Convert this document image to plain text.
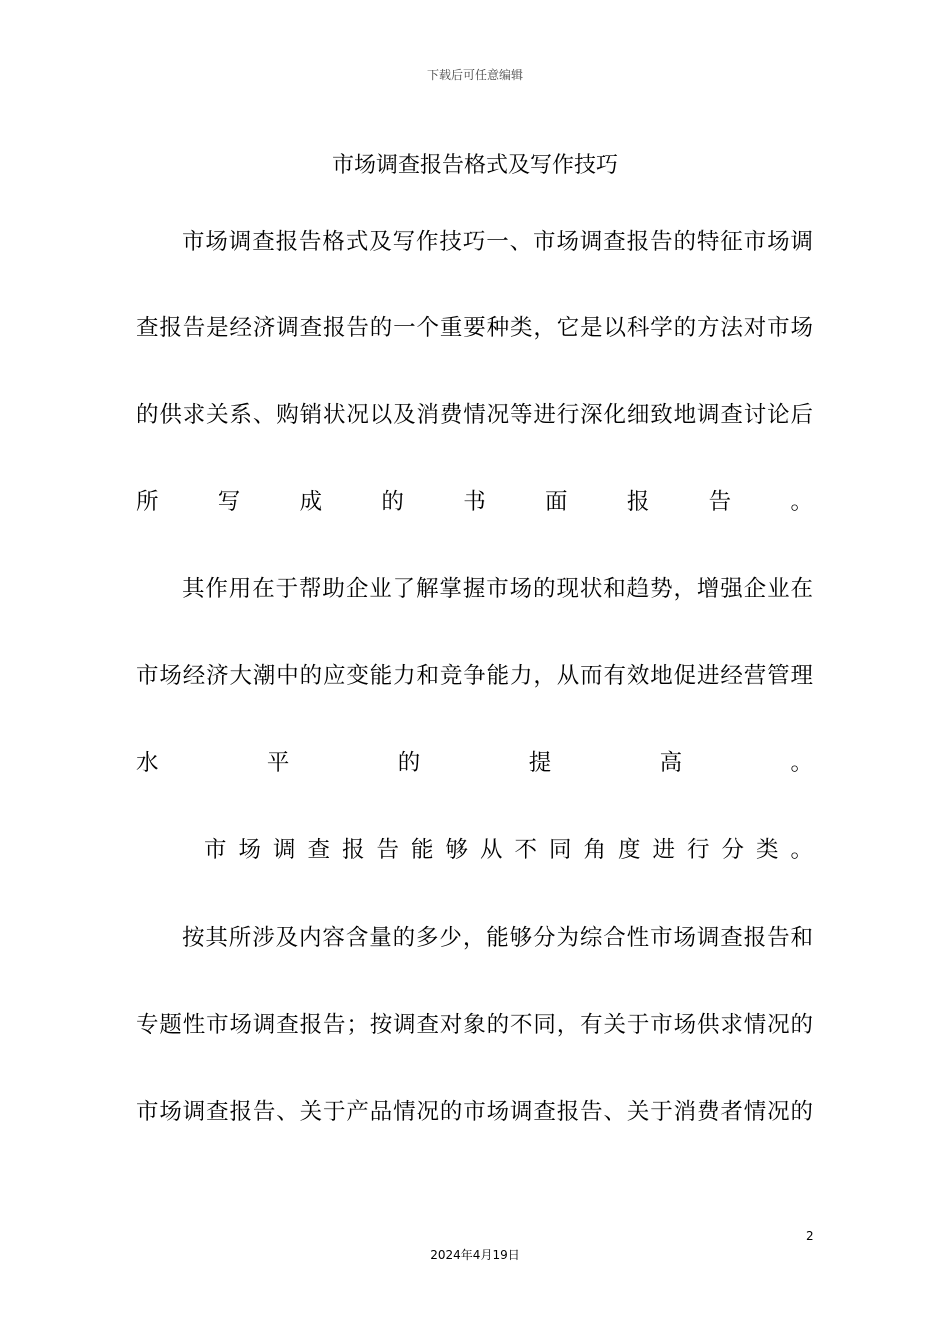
下载后可任意编辑
市场调查报告格式及写作技巧
市场调查报告格式及写作技巧一、市场调查报告的特征市场调
查报告是经济调查报告的一个重要种类，它是以科学的方法对市场
的供求关系、购销状况以及消费情况等进行深化细致地调查讨论后
所写成的书面报告。
其作用在于帮助企业了解掌握市场的现状和趋势，增强企业在
市场经济大潮中的应变能力和竞争能力，从而有效地促进经营管理
水平的提高。
市场调查报告能够从不同角度进行分类。
按其所涉及内容含量的多少，能够分为综合性市场调查报告和
专题性市场调查报告；按调查对象的不同，有关于市场供求情况的
市场调查报告、关于产品情况的市场调查报告、关于消费者情况的
2
2024年4月19日
